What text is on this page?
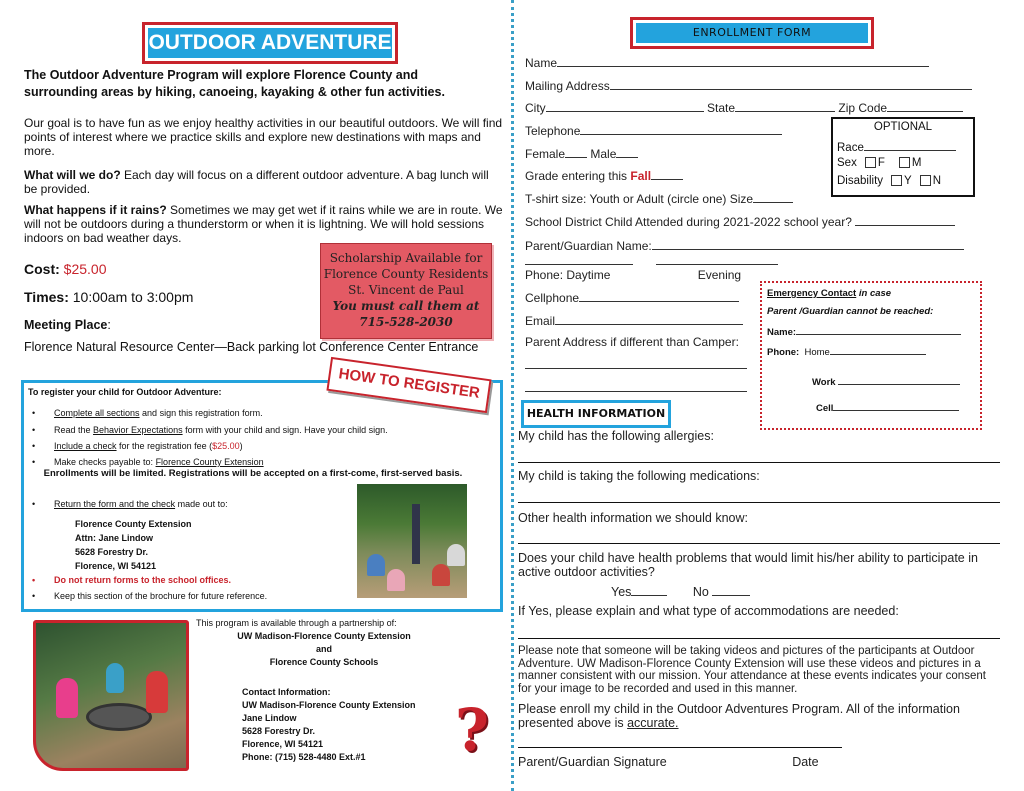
OUTDOOR ADVENTURE
The Outdoor Adventure Program will explore Florence County and surrounding areas by hiking, canoeing, kayaking & other fun activities.
Our goal is to have fun as we enjoy healthy activities in our beautiful outdoors. We will find points of interest where we practice skills and explore new destinations with maps and more.
What will we do? Each day will focus on a different outdoor adventure. A bag lunch will be provided.
What happens if it rains? Sometimes we may get wet if it rains while we are in route. We will not be outdoors during a thunderstorm or when it is lightning. We will hold sessions indoors on bad weather days.
Cost: $25.00
Times: 10:00am to 3:00pm
Meeting Place:
Florence Natural Resource Center—Back parking lot Conference Center Entrance
Scholarship Available for
Florence County Residents
St. Vincent de Paul
You must call them at
715-528-2030
HOW TO REGISTER
To register your child for Outdoor Adventure:
• Complete all sections and sign this registration form.
• Read the Behavior Expectations form with your child and sign. Have your child sign.
• Include a check for the registration fee ($25.00)
• Make checks payable to: Florence County Extension
Enrollments will be limited. Registrations will be accepted on a first-come, first-served basis.
• Return the form and the check made out to:
Florence County Extension
Attn: Jane Lindow
5628 Forestry Dr.
Florence, WI 54121
• Do not return forms to the school offices.
• Keep this section of the brochure for future reference.
This program is available through a partnership of:
UW Madison-Florence County Extension
and
Florence County Schools
Contact Information:
UW Madison-Florence County Extension
Jane Lindow
5628 Forestry Dr.
Florence, WI 54121
Phone: (715) 528-4480 Ext.#1	?
ENROLLMENT FORM
Name
Mailing Address
City	State	Zip Code
Telephone
Female Male
Grade entering this Fall
T-shirt size: Youth or Adult (circle one) Size
School District Child Attended during 2021-2022 school year?
Parent/Guardian Name:

Phone: Daytime	Evening
Cellphone
Email
Parent Address if different than Camper:
OPTIONAL
Race
Sex F M
Disability Y N
Emergency Contact in case
Parent /Guardian cannot be reached:
Name:
Phone: Home
Work
Cell
HEALTH INFORMATION
My child has the following allergies:
My child is taking the following medications:
Other health information we should know:
Does your child have health problems that would limit his/her ability to participate in active outdoor activities?
Yes	No
If Yes, please explain and what type of accommodations are needed:
Please note that someone will be taking videos and pictures of the participants at Outdoor Adventure. UW Madison-Florence County Extension will use these videos and pictures in a manner consistent with our mission. Your attendance at these events indicates your consent for your image to be recorded and used in this manner.
Please enroll my child in the Outdoor Adventures Program. All of the information presented above is accurate.
Parent/Guardian Signature	Date
